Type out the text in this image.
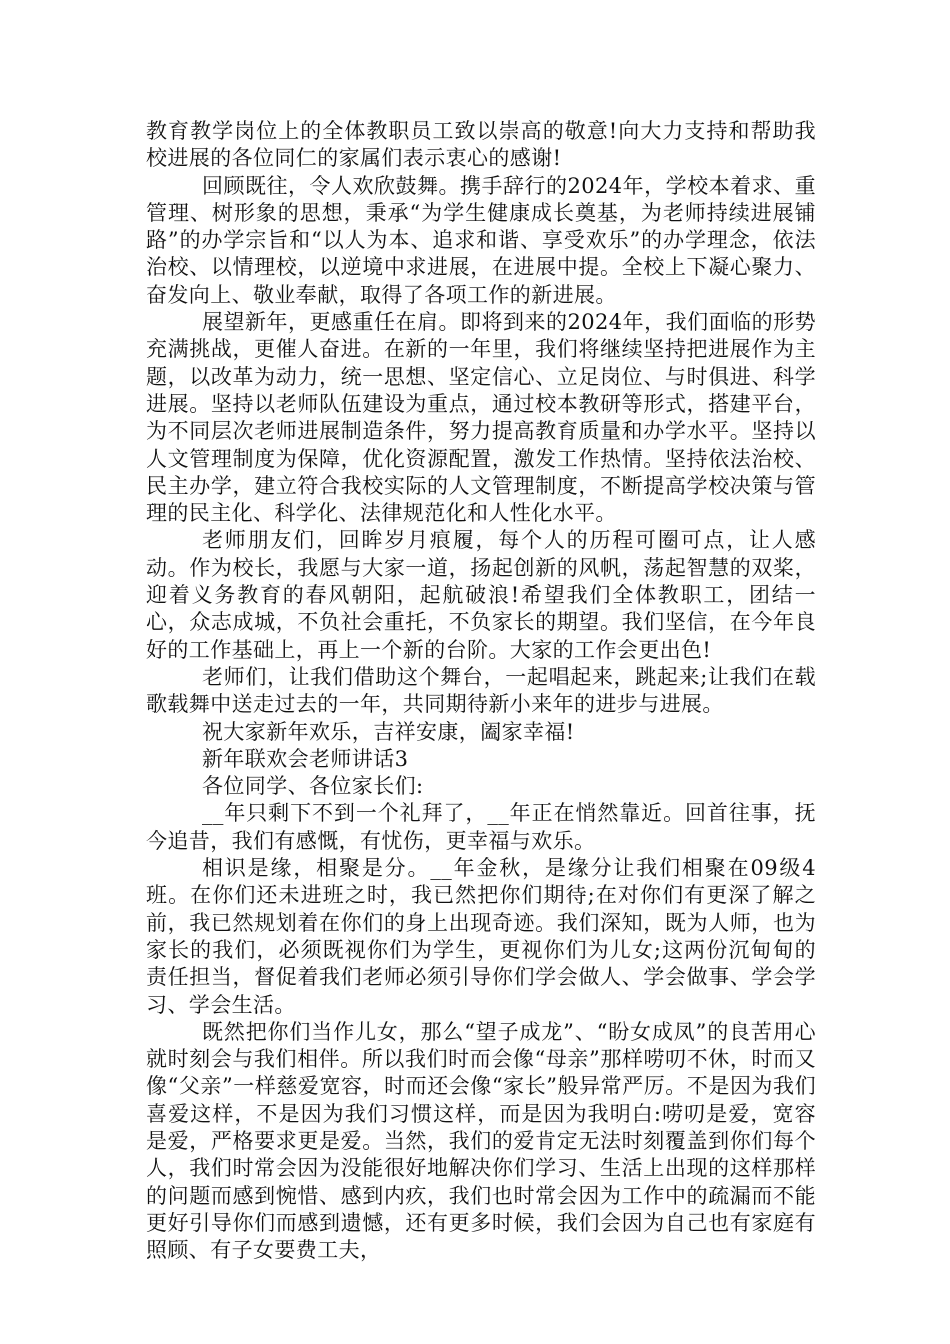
教育教学岗位上的全体教职员工致以崇高的敬意!向大力支持和帮助我校进展的各位同仁的家属们表示衷心的感谢!

回顾既往，令人欢欣鼓舞。携手辞行的2024年，学校本着求、重管理、树形象的思想，秉承“为学生健康成长奠基，为老师持续进展铺路”的办学宗旨和“以人为本、追求和谐、享受欢乐”的办学理念，依法治校、以情理校，以逆境中求进展，在进展中提。全校上下凝心聚力、奋发向上、敬业奉献，取得了各项工作的新进展。

展望新年，更感重任在肩。即将到来的2024年，我们面临的形势充满挑战，更催人奋进。在新的一年里，我们将继续坚持把进展作为主题，以改革为动力，统一思想、坚定信心、立足岗位、与时俱进、科学进展。坚持以老师队伍建设为重点，通过校本教研等形式，搭建平台，为不同层次老师进展制造条件，努力提高教育质量和办学水平。坚持以人文管理制度为保障，优化资源配置，激发工作热情。坚持依法治校、民主办学，建立符合我校实际的人文管理制度，不断提高学校决策与管理的民主化、科学化、法律规范化和人性化水平。

老师朋友们，回眸岁月痕履，每个人的历程可圈可点，让人感动。作为校长，我愿与大家一道，扬起创新的风帆，荡起智慧的双桨，迎着义务教育的春风朝阳，起航破浪!希望我们全体教职工，团结一心，众志成城，不负社会重托，不负家长的期望。我们坚信，在今年良好的工作基础上，再上一个新的台阶。大家的工作会更出色!

老师们，让我们借助这个舞台，一起唱起来，跳起来;让我们在载歌载舞中送走过去的一年，共同期待新小来年的进步与进展。

祝大家新年欢乐，吉祥安康，阖家幸福!

新年联欢会老师讲话3

各位同学、各位家长们:

__年只剩下不到一个礼拜了，__年正在悄然靠近。回首往事，抚今追昔，我们有感慨，有忧伤，更幸福与欢乐。

相识是缘，相聚是分。__年金秋，是缘分让我们相聚在09级4班。在你们还未进班之时，我已然把你们期待;在对你们有更深了解之前，我已然规划着在你们的身上出现奇迹。我们深知，既为人师，也为家长的我们，必须既视你们为学生，更视你们为儿女;这两份沉甸甸的责任担当，督促着我们老师必须引导你们学会做人、学会做事、学会学习、学会生活。

既然把你们当作儿女，那么“望子成龙”、“盼女成凤”的良苦用心就时刻会与我们相伴。所以我们时而会像“母亲”那样唠叨不休，时而又像“父亲”一样慈爱宽容，时而还会像“家长”般异常严厉。不是因为我们喜爱这样，不是因为我们习惯这样，而是因为我明白:唠叨是爱，宽容是爱，严格要求更是爱。当然，我们的爱肯定无法时刻覆盖到你们每个人，我们时常会因为没能很好地解决你们学习、生活上出现的这样那样的问题而感到惋惜、感到内疚，我们也时常会因为工作中的疏漏而不能更好引导你们而感到遗憾，还有更多时候，我们会因为自己也有家庭有照顾、有子女要费工夫，
